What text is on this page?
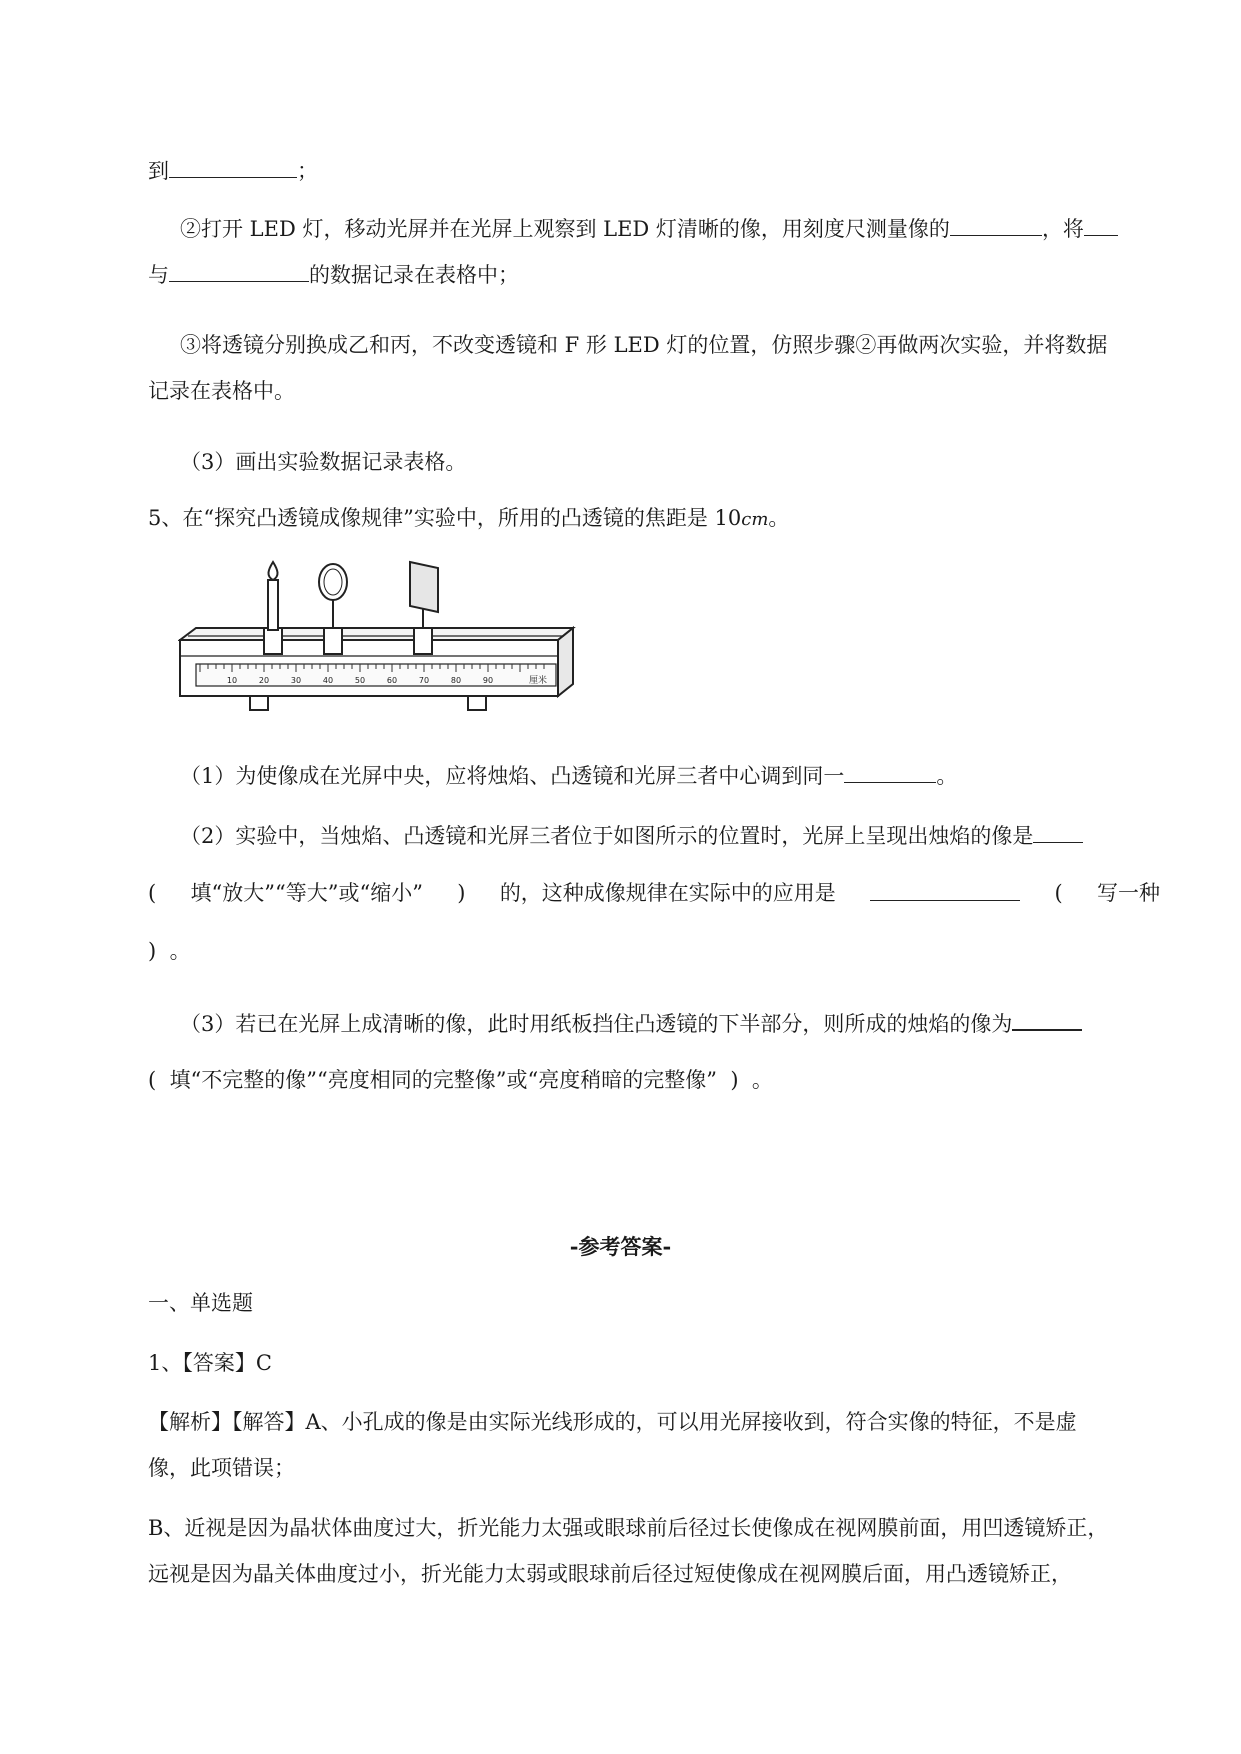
到	；
②打开 LED 灯，移动光屏并在光屏上观察到 LED 灯清晰的像，用刻度尺测量像的	，将
与	的数据记录在表格中；
③将透镜分别换成乙和丙，不改变透镜和 F 形 LED 灯的位置，仿照步骤②再做两次实验，并将数据
记录在表格中。
（3）画出实验数据记录表格。
5、在“探究凸透镜成像规律”实验中，所用的凸透镜的焦距是 10cm。
10	20	30	40	50	60	70	80	90	厘米
（1）为使像成在光屏中央，应将烛焰、凸透镜和光屏三者中心调到同一	。
（2）实验中，当烛焰、凸透镜和光屏三者位于如图所示的位置时，光屏上呈现出烛焰的像是
( 填“放大”“等大”或“缩小” ) 的，这种成像规律在实际中的应用是	( 写一种
) 。
（3）若已在光屏上成清晰的像，此时用纸板挡住凸透镜的下半部分，则所成的烛焰的像为
( 填“不完整的像”“亮度相同的完整像”或“亮度稍暗的完整像” ) 。
-参考答案-
一、单选题
1、【答案】C
【解析】【解答】A、小孔成的像是由实际光线形成的，可以用光屏接收到，符合实像的特征，不是虚
像，此项错误；
B、近视是因为晶状体曲度过大，折光能力太强或眼球前后径过长使像成在视网膜前面，用凹透镜矫正，
远视是因为晶关体曲度过小，折光能力太弱或眼球前后径过短使像成在视网膜后面，用凸透镜矫正，
